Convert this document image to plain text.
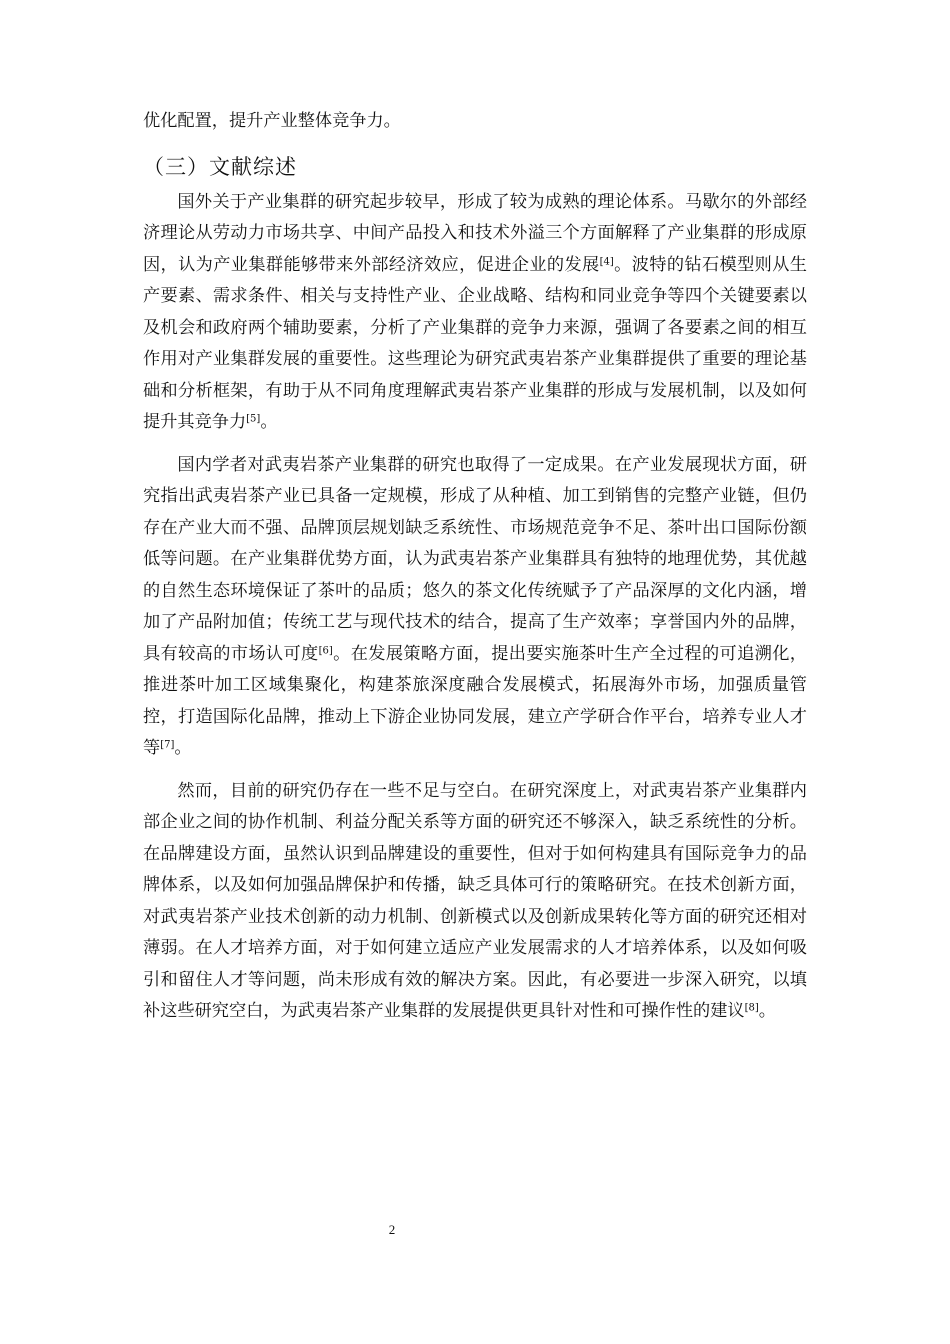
优化配置，提升产业整体竞争力。

（三）文献综述

国外关于产业集群的研究起步较早，形成了较为成熟的理论体系。马歇尔的外部经济理论从劳动力市场共享、中间产品投入和技术外溢三个方面解释了产业集群的形成原因，认为产业集群能够带来外部经济效应，促进企业的发展[4]。波特的钻石模型则从生产要素、需求条件、相关与支持性产业、企业战略、结构和同业竞争等四个关键要素以及机会和政府两个辅助要素，分析了产业集群的竞争力来源，强调了各要素之间的相互作用对产业集群发展的重要性。这些理论为研究武夷岩茶产业集群提供了重要的理论基础和分析框架，有助于从不同角度理解武夷岩茶产业集群的形成与发展机制，以及如何提升其竞争力[5]。

国内学者对武夷岩茶产业集群的研究也取得了一定成果。在产业发展现状方面，研究指出武夷岩茶产业已具备一定规模，形成了从种植、加工到销售的完整产业链，但仍存在产业大而不强、品牌顶层规划缺乏系统性、市场规范竞争不足、茶叶出口国际份额低等问题。在产业集群优势方面，认为武夷岩茶产业集群具有独特的地理优势，其优越的自然生态环境保证了茶叶的品质；悠久的茶文化传统赋予了产品深厚的文化内涵，增加了产品附加值；传统工艺与现代技术的结合，提高了生产效率；享誉国内外的品牌，具有较高的市场认可度[6]。在发展策略方面，提出要实施茶叶生产全过程的可追溯化，推进茶叶加工区域集聚化，构建茶旅深度融合发展模式，拓展海外市场，加强质量管控，打造国际化品牌，推动上下游企业协同发展，建立产学研合作平台，培养专业人才等[7]。

然而，目前的研究仍存在一些不足与空白。在研究深度上，对武夷岩茶产业集群内部企业之间的协作机制、利益分配关系等方面的研究还不够深入，缺乏系统性的分析。在品牌建设方面，虽然认识到品牌建设的重要性，但对于如何构建具有国际竞争力的品牌体系，以及如何加强品牌保护和传播，缺乏具体可行的策略研究。在技术创新方面，对武夷岩茶产业技术创新的动力机制、创新模式以及创新成果转化等方面的研究还相对薄弱。在人才培养方面，对于如何建立适应产业发展需求的人才培养体系，以及如何吸引和留住人才等问题，尚未形成有效的解决方案。因此，有必要进一步深入研究，以填补这些研究空白，为武夷岩茶产业集群的发展提供更具针对性和可操作性的建议[8]。

2
